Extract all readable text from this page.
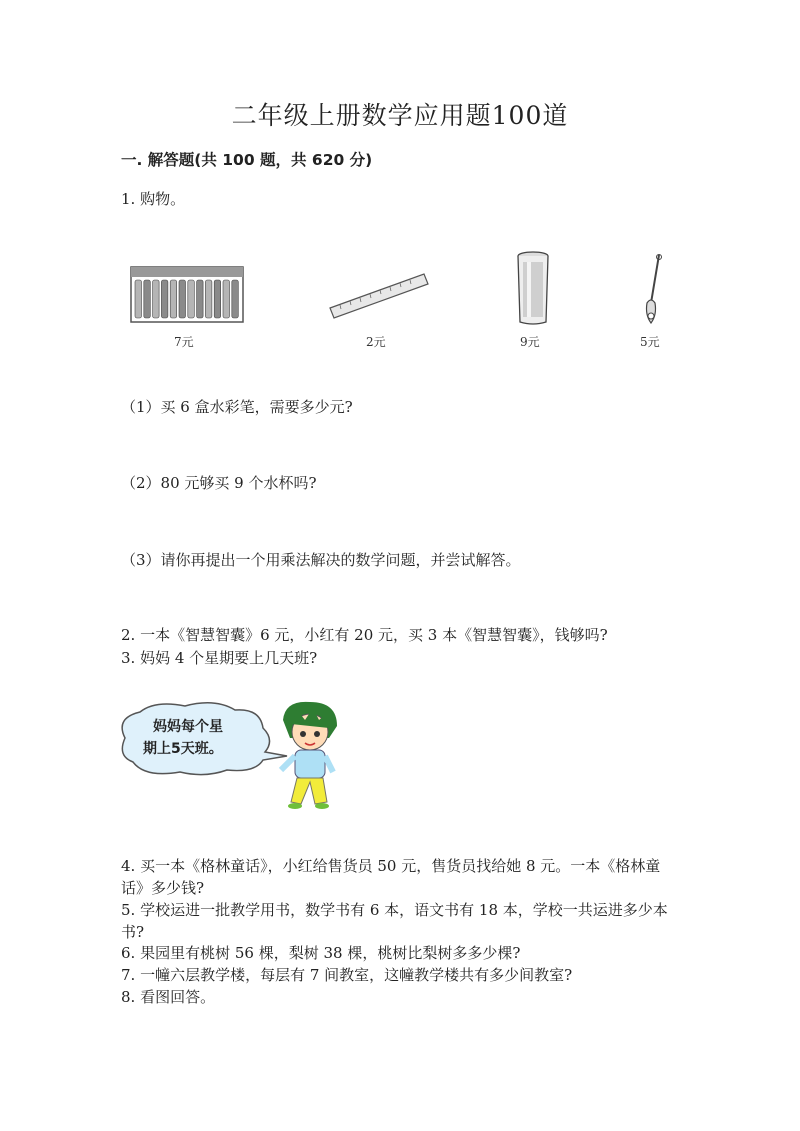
二年级上册数学应用题100道
一. 解答题(共 100 题，共 620 分)
1. 购物。
7元	2元	9元	5元
（1）买 6 盒水彩笔，需要多少元?
（2）80 元够买 9 个水杯吗?
（3）请你再提出一个用乘法解决的数学问题，并尝试解答。
2. 一本《智慧智囊》6 元，小红有 20 元，买 3 本《智慧智囊》，钱够吗?
3. 妈妈 4 个星期要上几天班?
妈妈每个星
期上5天班。
4. 买一本《格林童话》，小红给售货员 50 元，售货员找给她 8 元。一本《格林童话》多少钱?
5. 学校运进一批教学用书，数学书有 6 本，语文书有 18 本，学校一共运进多少本书?
6. 果园里有桃树 56 棵，梨树 38 棵，桃树比梨树多多少棵?
7. 一幢六层教学楼，每层有 7 间教室，这幢教学楼共有多少间教室?
8. 看图回答。
